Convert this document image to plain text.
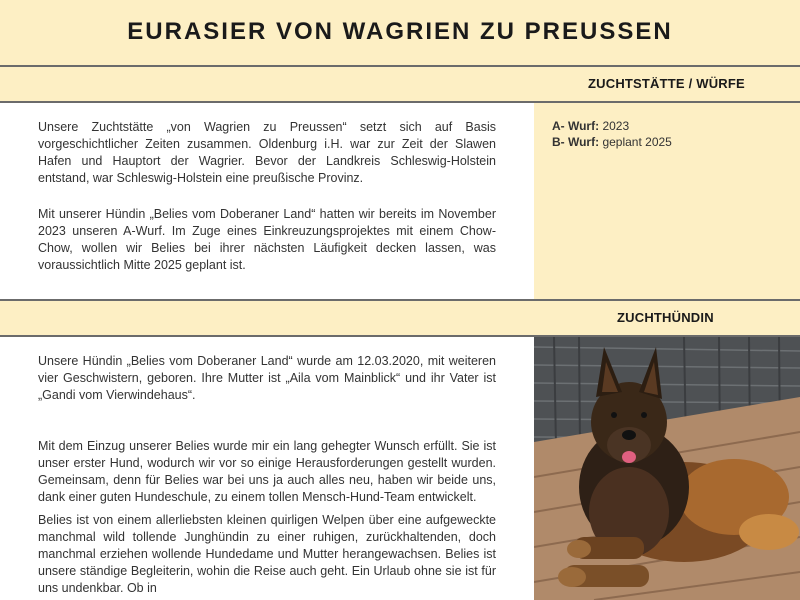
EURASIER VON WAGRIEN ZU PREUSSEN
ZUCHTSTÄTTE / WÜRFE
A- Wurf: 2023
B- Wurf: geplant 2025

Unsere Zuchtstätte „von Wagrien zu Preussen“ setzt sich auf Basis vorgeschichtlicher Zeiten zusammen. Oldenburg i.H. war zur Zeit der Slawen Hafen und Hauptort der Wagrier. Bevor der Landkreis Schleswig-Holstein entstand, war Schleswig-Holstein eine preußische Provinz.

Mit unserer Hündin „Belies vom Doberaner Land“ hatten wir bereits im November 2023 unseren A-Wurf. Im Zuge eines Einkreuzungsprojektes mit einem Chow-Chow, wollen wir Belies bei ihrer nächsten Läufigkeit decken lassen, was voraussichtlich Mitte 2025 geplant ist.

ZUCHTHÜNDIN

Unsere Hündin „Belies vom Doberaner Land“ wurde am 12.03.2020, mit weiteren vier Geschwistern, geboren. Ihre Mutter ist „Aila vom Mainblick“ und ihr Vater ist „Gandi vom Vierwindehaus“.

Mit dem Einzug unserer Belies wurde mir ein lang gehegter Wunsch erfüllt. Sie ist unser erster Hund, wodurch wir vor so einige Herausforderungen gestellt wurden. Gemeinsam, denn für Belies war bei uns ja auch alles neu, haben wir beide uns, dank einer guten Hundeschule, zu einem tollen Mensch-Hund-Team entwickelt.

Belies ist von einem allerliebsten kleinen quirligen Welpen über eine aufgeweckte manchmal wild tollende Junghündin zu einer ruhigen, zurückhaltenden, doch manchmal erziehen wollende Hundedame und Mutter herangewachsen. Belies ist unsere ständige Begleiterin, wohin die Reise auch geht. Ein Urlaub ohne sie ist für uns undenkbar. Ob in
